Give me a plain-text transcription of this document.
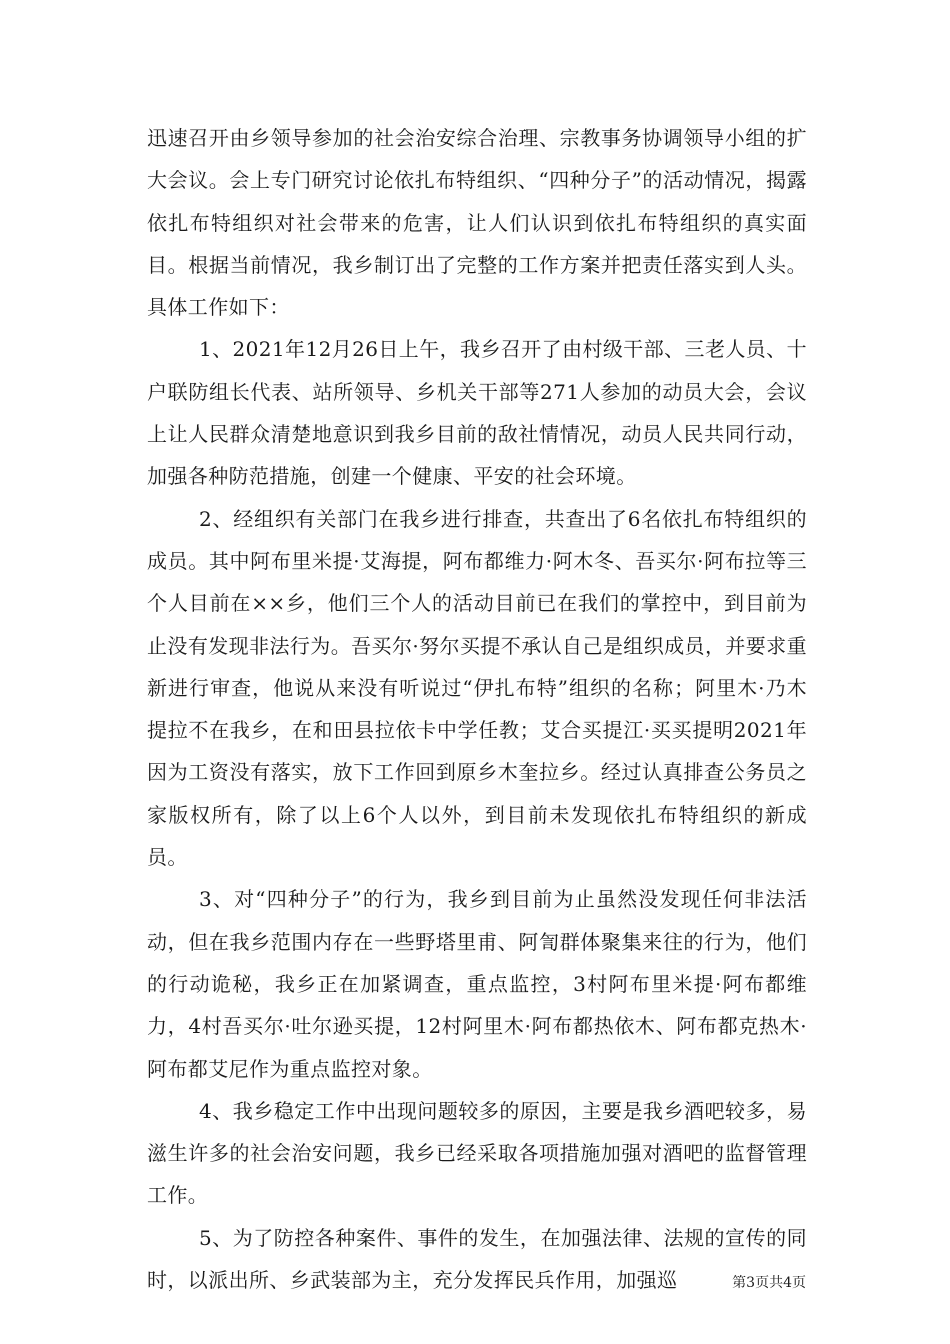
迅速召开由乡领导参加的社会治安综合治理、宗教事务协调领导小组的扩大会议。会上专门研究讨论依扎布特组织、“四种分子”的活动情况，揭露依扎布特组织对社会带来的危害，让人们认识到依扎布特组织的真实面目。根据当前情况，我乡制订出了完整的工作方案并把责任落实到人头。具体工作如下：

1、2021年12月26日上午，我乡召开了由村级干部、三老人员、十户联防组长代表、站所领导、乡机关干部等271人参加的动员大会，会议上让人民群众清楚地意识到我乡目前的敌社情情况，动员人民共同行动，加强各种防范措施，创建一个健康、平安的社会环境。

2、经组织有关部门在我乡进行排查，共查出了6名依扎布特组织的成员。其中阿布里米提·艾海提，阿布都维力·阿木冬、吾买尔·阿布拉等三个人目前在××乡，他们三个人的活动目前已在我们的掌控中，到目前为止没有发现非法行为。吾买尔·努尔买提不承认自己是组织成员，并要求重新进行审查，他说从来没有听说过“伊扎布特”组织的名称；阿里木·乃木提拉不在我乡，在和田县拉依卡中学任教；艾合买提江·买买提明2021年因为工资没有落实，放下工作回到原乡木奎拉乡。经过认真排查公务员之家版权所有，除了以上6个人以外，到目前未发现依扎布特组织的新成员。

3、对“四种分子”的行为，我乡到目前为止虽然没发现任何非法活动，但在我乡范围内存在一些野塔里甫、阿訇群体聚集来往的行为，他们的行动诡秘，我乡正在加紧调查，重点监控，3村阿布里米提·阿布都维力，4村吾买尔·吐尔逊买提，12村阿里木·阿布都热依木、阿布都克热木·阿布都艾尼作为重点监控对象。

4、我乡稳定工作中出现问题较多的原因，主要是我乡酒吧较多，易滋生许多的社会治安问题，我乡已经采取各项措施加强对酒吧的监督管理工作。

5、为了防控各种案件、事件的发生，在加强法律、法规的宣传的同时，以派出所、乡武装部为主，充分发挥民兵作用，加强巡	第3页共4页
